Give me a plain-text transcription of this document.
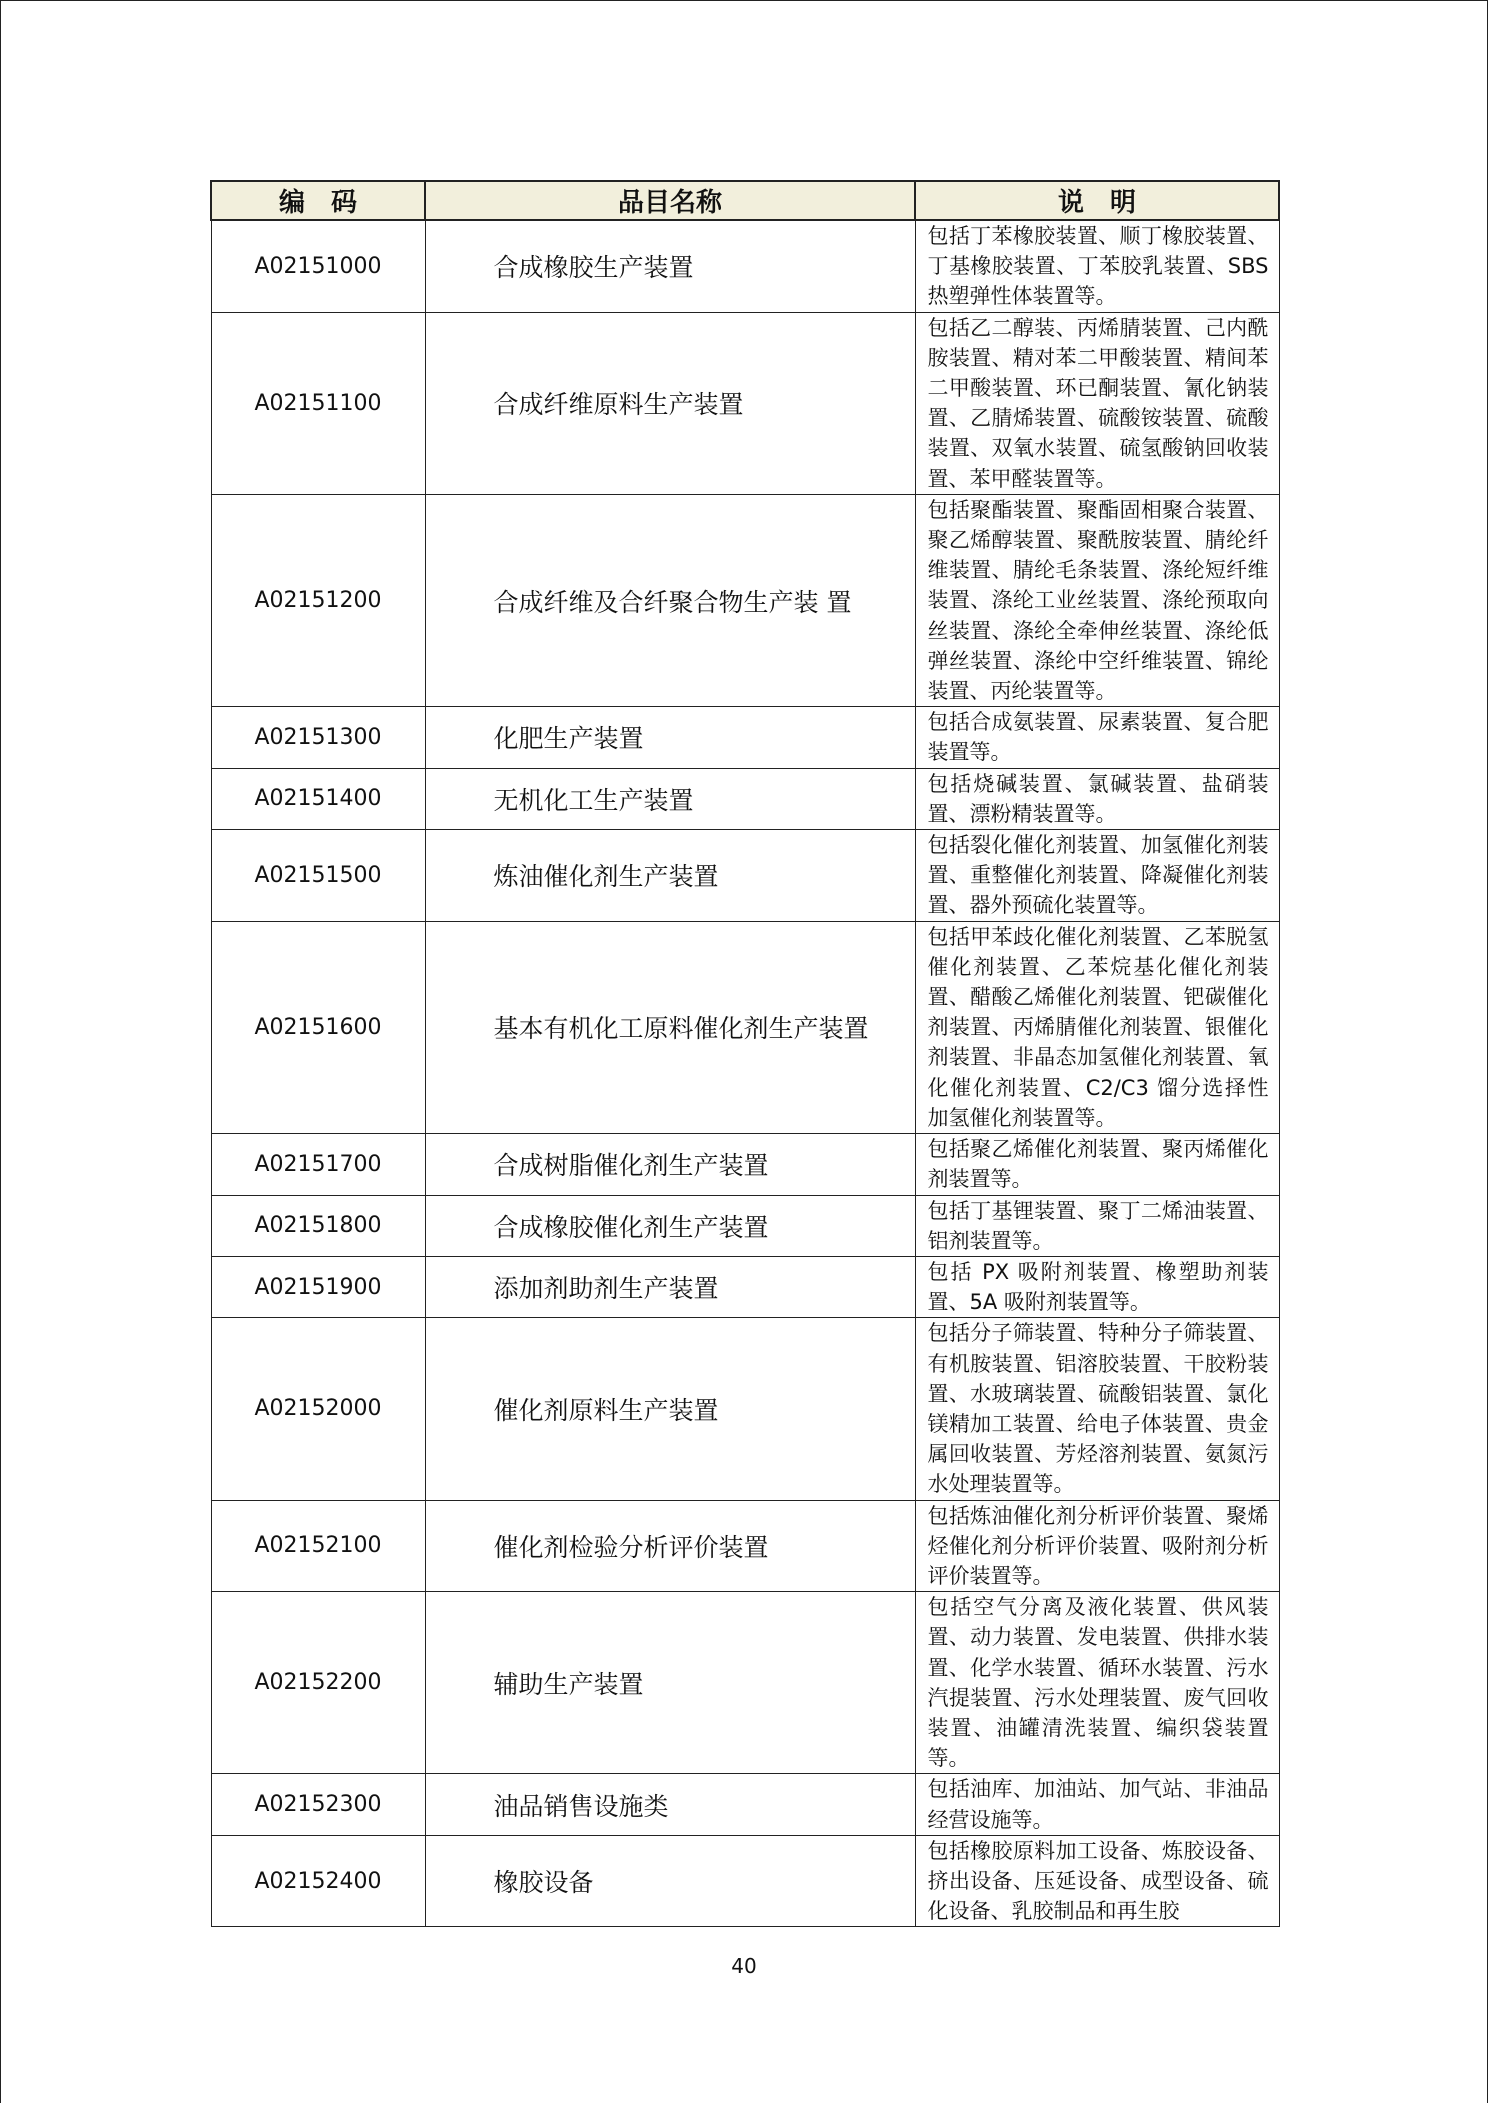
编　码	品目名称	说　明
A02151000	合成橡胶生产装置	包括丁苯橡胶装置、顺丁橡胶装置、丁基橡胶装置、丁苯胶乳装置、SBS 热塑弹性体装置等。
A02151100	合成纤维原料生产装置	包括乙二醇装、丙烯腈装置、己内酰胺装置、精对苯二甲酸装置、精间苯二甲酸装置、环已酮装置、氰化钠装置、乙腈烯装置、硫酸铵装置、硫酸装置、双氧水装置、硫氢酸钠回收装置、苯甲醛装置等。
A02151200	合成纤维及合纤聚合物生产装 置	包括聚酯装置、聚酯固相聚合装置、聚乙烯醇装置、聚酰胺装置、腈纶纤维装置、腈纶毛条装置、涤纶短纤维装置、涤纶工业丝装置、涤纶预取向丝装置、涤纶全牵伸丝装置、涤纶低弹丝装置、涤纶中空纤维装置、锦纶装置、丙纶装置等。
A02151300	化肥生产装置	包括合成氨装置、尿素装置、复合肥装置等。
A02151400	无机化工生产装置	包括烧碱装置、氯碱装置、盐硝装置、漂粉精装置等。
A02151500	炼油催化剂生产装置	包括裂化催化剂装置、加氢催化剂装置、重整催化剂装置、降凝催化剂装置、器外预硫化装置等。
A02151600	基本有机化工原料催化剂生产装置	包括甲苯歧化催化剂装置、乙苯脱氢催化剂装置、乙苯烷基化催化剂装置、醋酸乙烯催化剂装置、钯碳催化剂装置、丙烯腈催化剂装置、银催化剂装置、非晶态加氢催化剂装置、氧化催化剂装置、C2/C3 馏分选择性加氢催化剂装置等。
A02151700	合成树脂催化剂生产装置	包括聚乙烯催化剂装置、聚丙烯催化剂装置等。
A02151800	合成橡胶催化剂生产装置	包括丁基锂装置、聚丁二烯油装置、铝剂装置等。
A02151900	添加剂助剂生产装置	包括 PX 吸附剂装置、橡塑助剂装置、5A 吸附剂装置等。
A02152000	催化剂原料生产装置	包括分子筛装置、特种分子筛装置、有机胺装置、铝溶胶装置、干胶粉装置、水玻璃装置、硫酸铝装置、氯化镁精加工装置、给电子体装置、贵金属回收装置、芳烃溶剂装置、氨氮污水处理装置等。
A02152100	催化剂检验分析评价装置	包括炼油催化剂分析评价装置、聚烯烃催化剂分析评价装置、吸附剂分析评价装置等。
A02152200	辅助生产装置	包括空气分离及液化装置、供风装置、动力装置、发电装置、供排水装置、化学水装置、循环水装置、污水汽提装置、污水处理装置、废气回收装置、油罐清洗装置、编织袋装置等。
A02152300	油品销售设施类	包括油库、加油站、加气站、非油品经营设施等。
A02152400	橡胶设备	包括橡胶原料加工设备、炼胶设备、挤出设备、压延设备、成型设备、硫化设备、乳胶制品和再生胶
40
